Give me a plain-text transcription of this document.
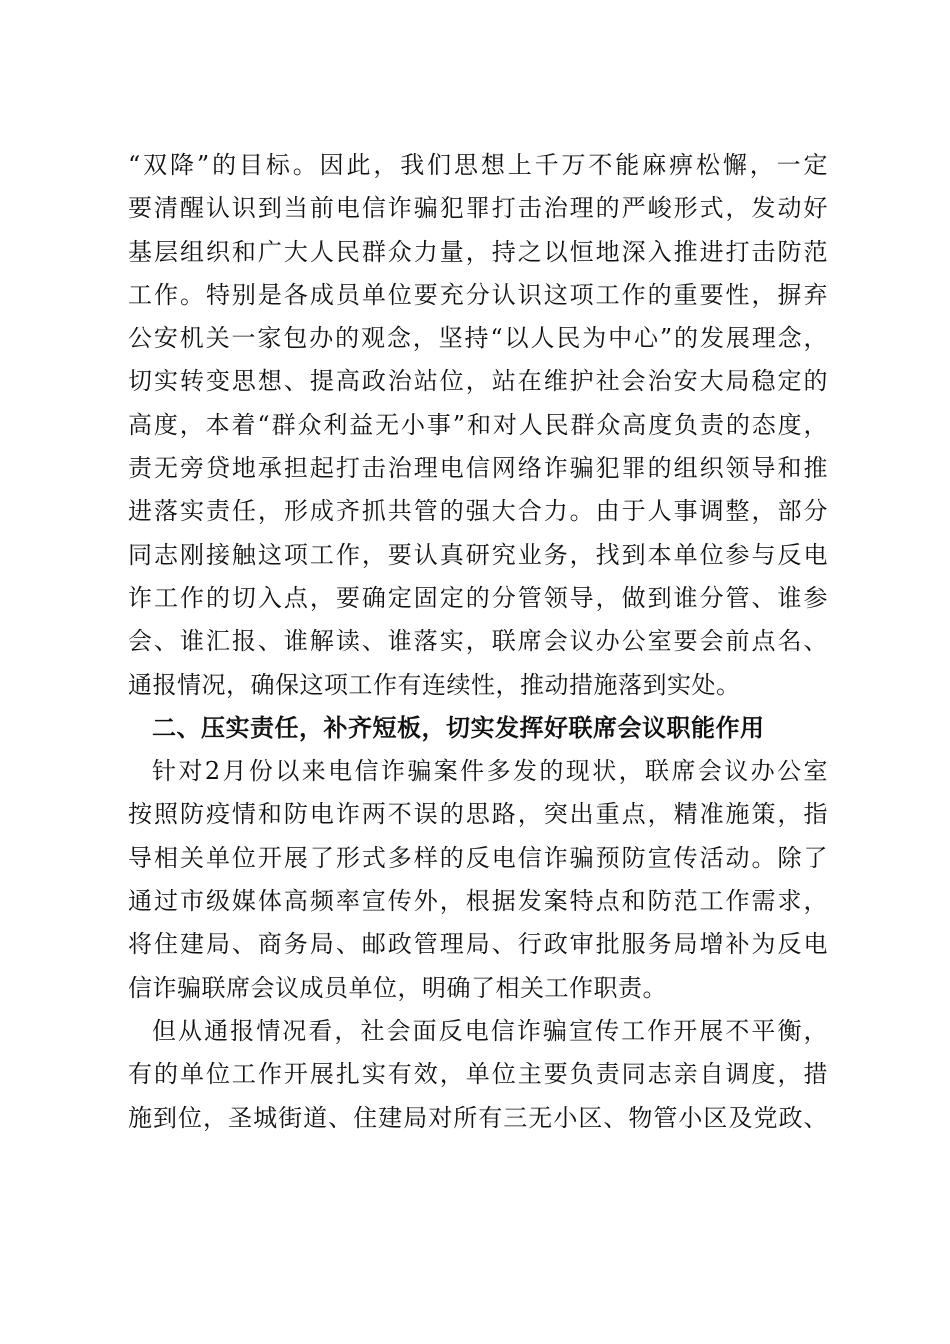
“双降”的目标。因此，我们思想上千万不能麻痹松懈，一定
要清醒认识到当前电信诈骗犯罪打击治理的严峻形式，发动好
基层组织和广大人民群众力量，持之以恒地深入推进打击防范
工作。特别是各成员单位要充分认识这项工作的重要性，摒弃
公安机关一家包办的观念，坚持“以人民为中心”的发展理念，
切实转变思想、提高政治站位，站在维护社会治安大局稳定的
高度，本着“群众利益无小事”和对人民群众高度负责的态度，
责无旁贷地承担起打击治理电信网络诈骗犯罪的组织领导和推
进落实责任，形成齐抓共管的强大合力。由于人事调整，部分
同志刚接触这项工作，要认真研究业务，找到本单位参与反电
诈工作的切入点，要确定固定的分管领导，做到谁分管、谁参
会、谁汇报、谁解读、谁落实，联席会议办公室要会前点名、
通报情况，确保这项工作有连续性，推动措施落到实处。
二、压实责任，补齐短板，切实发挥好联席会议职能作用
针对2月份以来电信诈骗案件多发的现状，联席会议办公室
按照防疫情和防电诈两不误的思路，突出重点，精准施策，指
导相关单位开展了形式多样的反电信诈骗预防宣传活动。除了
通过市级媒体高频率宣传外，根据发案特点和防范工作需求，
将住建局、商务局、邮政管理局、行政审批服务局增补为反电
信诈骗联席会议成员单位，明确了相关工作职责。
但从通报情况看，社会面反电信诈骗宣传工作开展不平衡，
有的单位工作开展扎实有效，单位主要负责同志亲自调度，措
施到位，圣城街道、住建局对所有三无小区、物管小区及党政、
